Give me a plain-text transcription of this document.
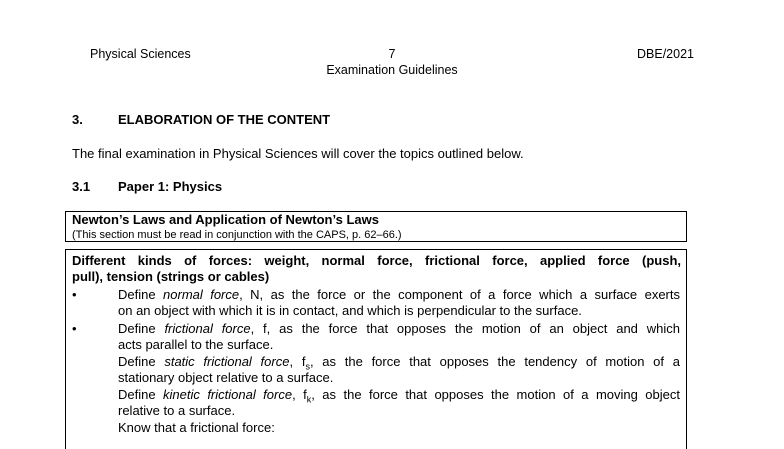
Physical Sciences	7	DBE/2021
Examination Guidelines
3.	ELABORATION OF THE CONTENT
The final examination in Physical Sciences will cover the topics outlined below.
3.1 Paper 1: Physics
Newton’s Laws and Application of Newton’s Laws
(This section must be read in conjunction with the CAPS, p. 62–66.)
Different kinds of forces: weight, normal force, frictional force, applied force (push,
pull), tension (strings or cables)
•	Define normal force, N, as the force or the component of a force which a surface exerts
on an object with which it is in contact, and which is perpendicular to the surface.
•	Define frictional force, f, as the force that opposes the motion of an object and which
acts parallel to the surface.
Define static frictional force, $f_s$, as the force that opposes the tendency of motion of a
stationary object relative to a surface.
Define kinetic frictional force, $f_k$, as the force that opposes the motion of a moving object
relative to a surface.
Know that a frictional force:
